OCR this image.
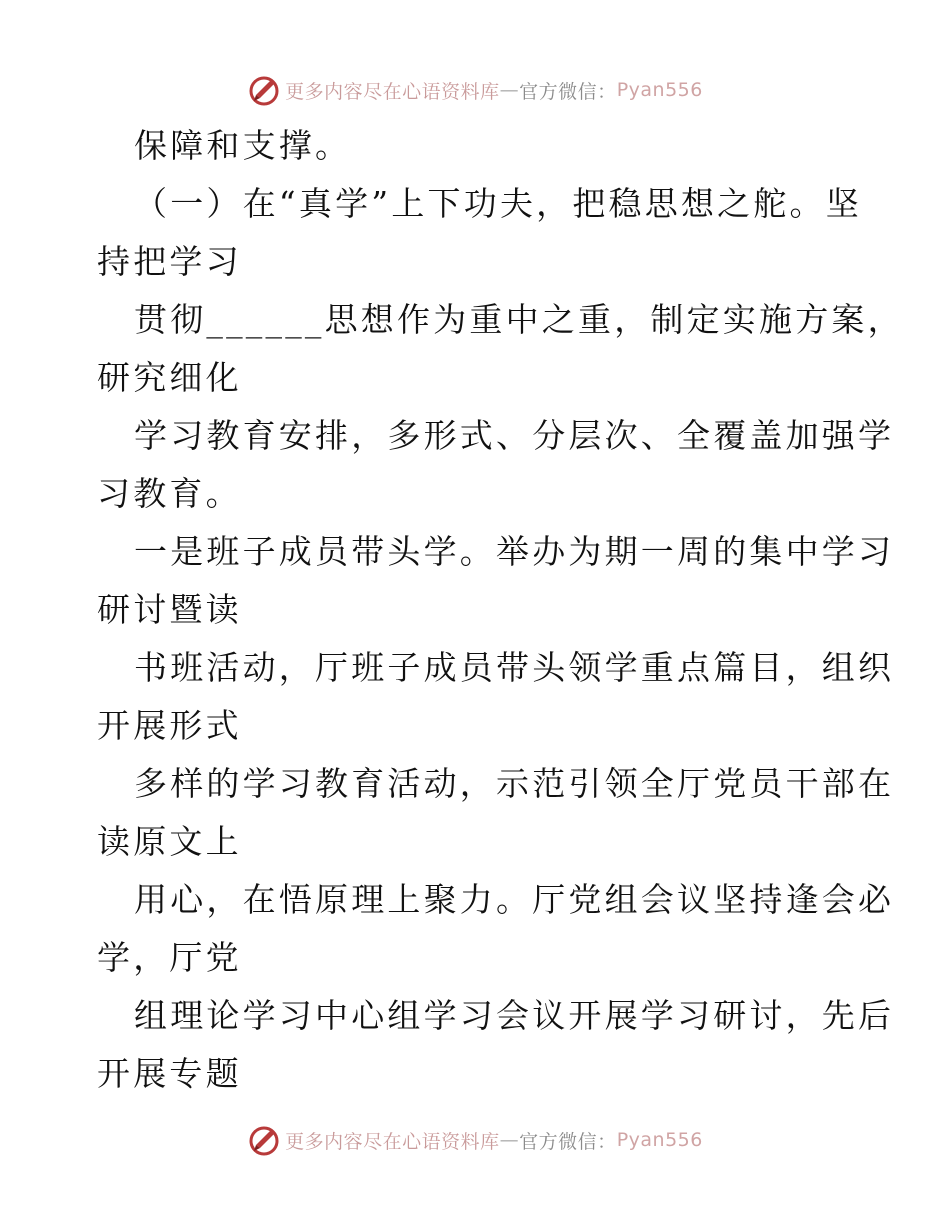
更多内容尽在心语资料库 — 官方微信： Pyan556
保障和支撑。
（一）在“真学”上下功夫，把稳思想之舵。坚
持把学习
贯彻______思想作为重中之重，制定实施方案，
研究细化
学习教育安排，多形式、分层次、全覆盖加强学
习教育。
一是班子成员带头学。举办为期一周的集中学习
研讨暨读
书班活动，厅班子成员带头领学重点篇目，组织
开展形式
多样的学习教育活动，示范引领全厅党员干部在
读原文上
用心，在悟原理上聚力。厅党组会议坚持逢会必
学，厅党
组理论学习中心组学习会议开展学习研讨，先后
开展专题
更多内容尽在心语资料库 — 官方微信： Pyan556
